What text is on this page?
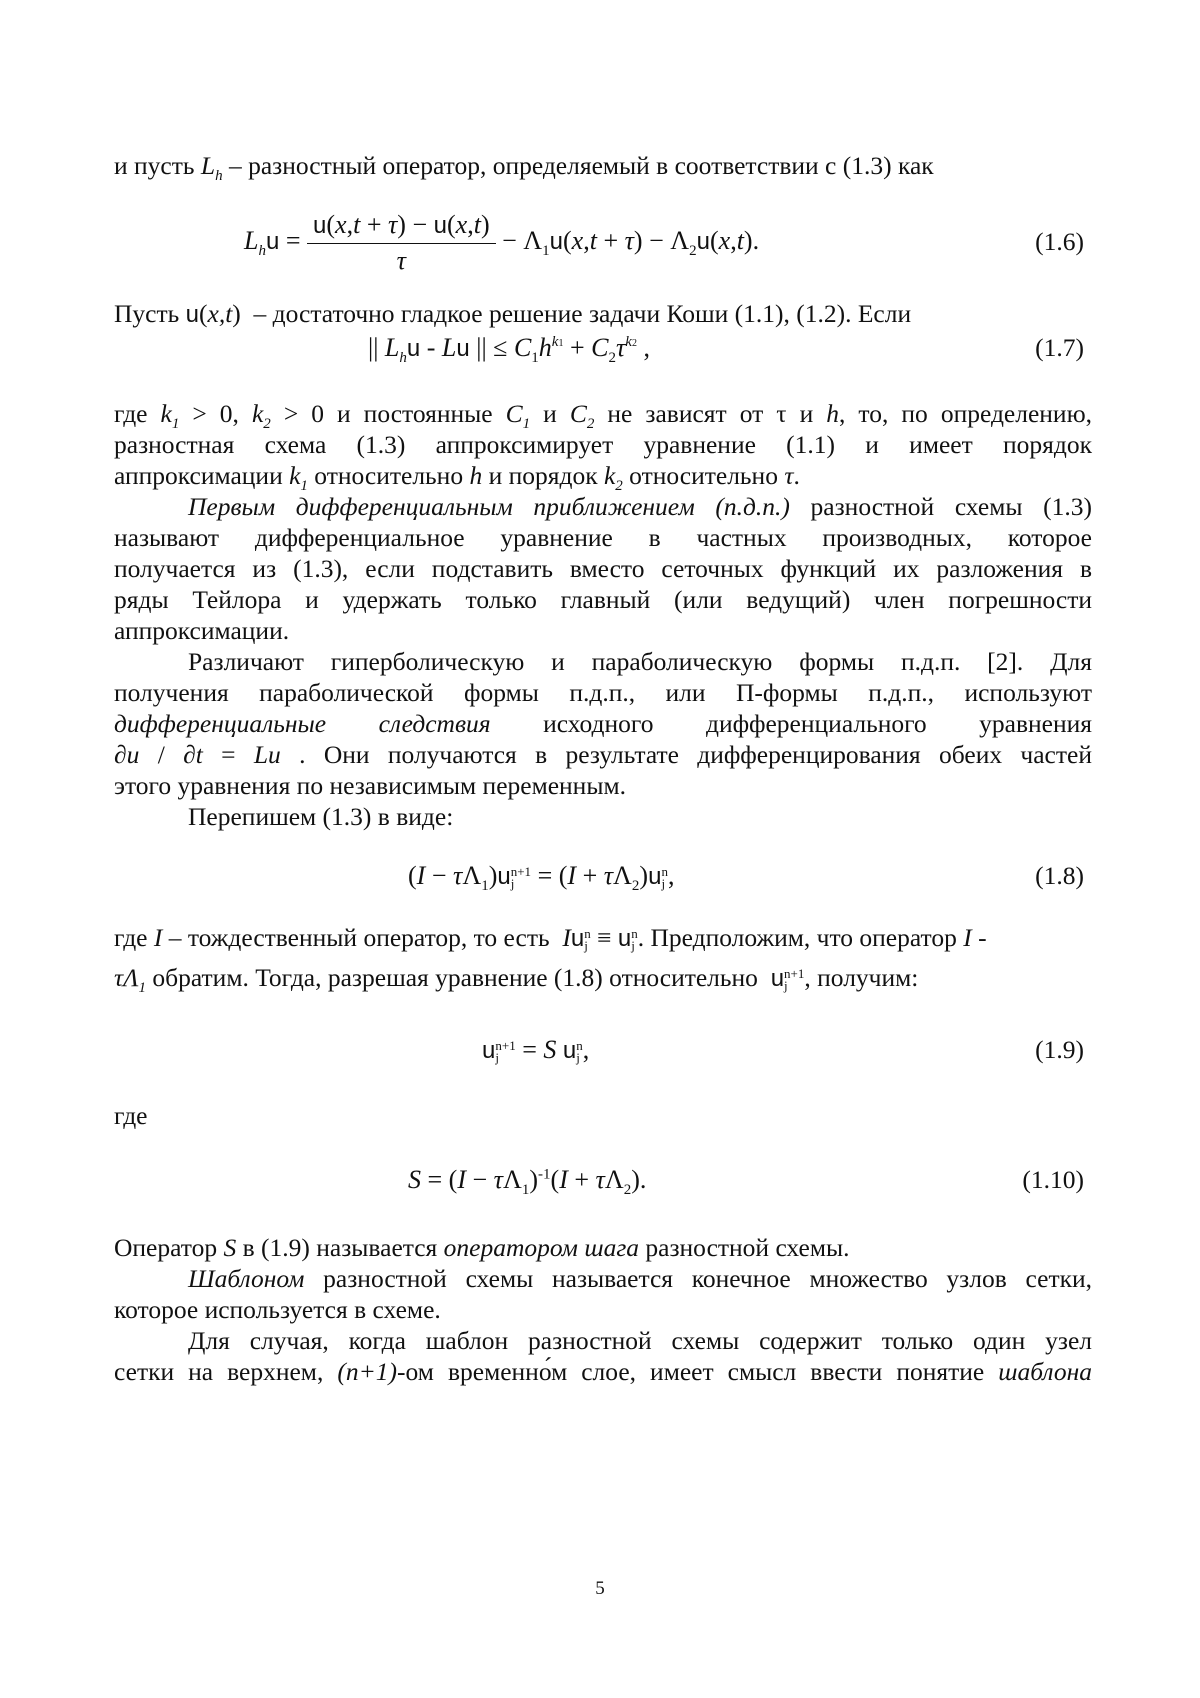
и пусть $L_h$ – разностный оператор, определяемый в соответствии с (1.3) как
$L_hu = \frac{u(x,t + \tau) - u(x,t)}{\tau} - \Lambda_1u(x,t + \tau) - \Lambda_2u(x,t)$.	(1.6)
Пусть u(x,t)  – достаточно гладкое решение задачи Коши (1.1), (1.2). Если
|| $L_hu$ - Lu || ≤ $C_1h^{k1} + C_2\tau^{k2}$ ,	(1.7)
где $k_1 > 0$, $k_2 > 0$ и постоянные $C_1$ и $C_2$ не зависят от τ и h, то, по определению,
разностная схема (1.3) аппроксимирует уравнение (1.1) и имеет порядок
аппроксимации $k_1$ относительно h и порядок $k_2$ относительно τ.
Первым дифференциальным приближением (п.д.п.) разностной схемы (1.3)
называют дифференциальное уравнение в частных производных, которое
получается из (1.3), если подставить вместо сеточных функций их разложения в
ряды Тейлора и удержать только главный (или ведущий) член погрешности
аппроксимации.
Различают гиперболическую и параболическую формы п.д.п. [2]. Для
получения параболической формы п.д.п., или П-формы п.д.п., используют
дифференциальные следствия исходного дифференциального уравнения
∂u / ∂t = Lu . Они получаются в результате дифференцирования обеих частей
этого уравнения по независимым переменным.
Перепишем (1.3) в виде:
$(I - \tau\Lambda_1)u$ n+1
$j = (I + \tau\Lambda_2)u$ n
j ,	(1.8)
где I – тождественный оператор, то есть  Iu n
j ≡ u n
j . Предположим, что оператор I -
$\tau\Lambda_1$ обратим. Тогда, разрешая уравнение (1.8) относительно  u n+1
j , получим:
u n+1
j = S u n
j ,	(1.9)
где
$S = (I - \tau\Lambda_1)^{-1}(I + \tau\Lambda_2)$.	(1.10)
Оператор S в (1.9) называется оператором шага разностной схемы.
Шаблоном разностной схемы называется конечное множество узлов сетки,
которое используется в схеме.
Для случая, когда шаблон разностной схемы содержит только один узел
сетки на верхнем, (n+1)-ом временно́м слое, имеет смысл ввести понятие шаблона
5
